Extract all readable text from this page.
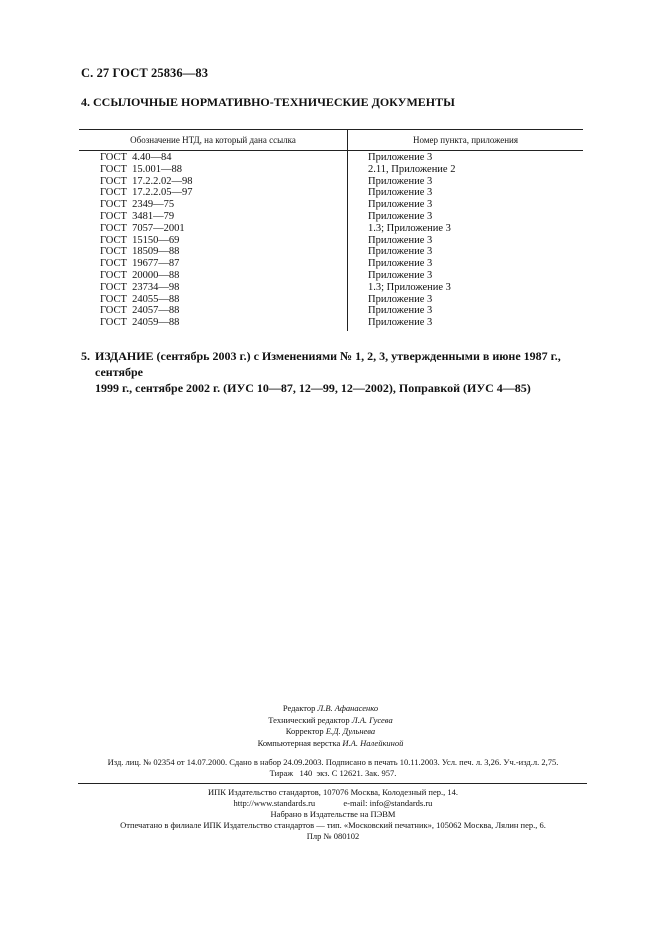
С. 27 ГОСТ 25836—83
4. ССЫЛОЧНЫЕ НОРМАТИВНО-ТЕХНИЧЕСКИЕ ДОКУМЕНТЫ
Обозначение НТД, на который дана ссылка	Номер пункта, приложения
ГОСТ  4.40—84	Приложение 3
ГОСТ  15.001—88	2.11, Приложение 2
ГОСТ  17.2.2.02—98	Приложение 3
ГОСТ  17.2.2.05—97	Приложение 3
ГОСТ  2349—75	Приложение 3
ГОСТ  3481—79	Приложение 3
ГОСТ  7057—2001	1.3; Приложение 3
ГОСТ  15150—69	Приложение 3
ГОСТ  18509—88	Приложение 3
ГОСТ  19677—87	Приложение 3
ГОСТ  20000—88	Приложение 3
ГОСТ  23734—98	1.3; Приложение 3
ГОСТ  24055—88	Приложение 3
ГОСТ  24057—88	Приложение 3
ГОСТ  24059—88	Приложение 3
5. ИЗДАНИЕ (сентябрь 2003 г.) с Изменениями № 1, 2, 3, утвержденными в июне 1987 г., сентябре
1999 г., сентябре 2002 г. (ИУС 10—87, 12—99, 12—2002), Поправкой (ИУС 4—85)
Редактор Л.В. Афанасенко
Технический редактор Л.А. Гусева
Корректор Е.Д. Дульнева
Компьютерная верстка И.А. Налейкиной
Изд. лиц. № 02354 от 14.07.2000. Сдано в набор 24.09.2003. Подписано в печать 10.11.2003. Усл. печ. л. 3,26. Уч.-изд.л. 2,75.
Тираж   140  экз. С 12621. Зак. 957.
ИПК Издательство стандартов, 107076 Москва, Колодезный пер., 14.
http://www.standards.ru	e-mail: info@standards.ru
Набрано в Издательстве на ПЭВМ
Отпечатано в филиале ИПК Издательство стандартов — тип. «Московский печатник», 105062 Москва, Лялин пер., 6.
Плр № 080102
